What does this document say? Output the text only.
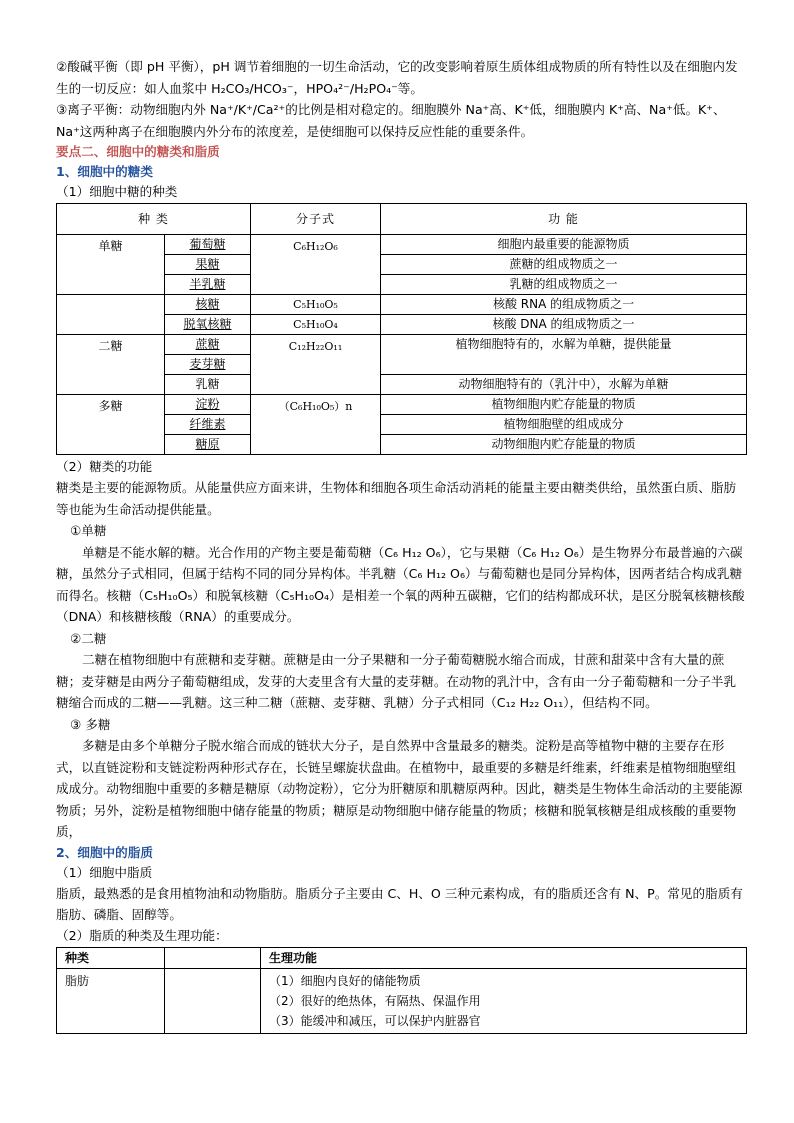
②酸碱平衡（即 pH 平衡），pH 调节着细胞的一切生命活动，它的改变影响着原生质体组成物质的所有特性以及在细胞内发生的一切反应：如人血浆中 H₂CO₃/HCO₃⁻，HPO₄²⁻/H₂PO₄⁻等。

③离子平衡：动物细胞内外 Na⁺/K⁺/Ca²⁺的比例是相对稳定的。细胞膜外 Na⁺高、K⁺低，细胞膜内 K⁺高、Na⁺低。K⁺、Na⁺这两种离子在细胞膜内外分布的浓度差，是使细胞可以保持反应性能的重要条件。

要点二、细胞中的糖类和脂质
1、细胞中的糖类
（1）细胞中糖的种类
种 类		分子式	功 能
单糖	葡萄糖	C₆H₁₂O₆	细胞内最重要的能源物质
	果糖		蔗糖的组成物质之一
	半乳糖		乳糖的组成物质之一
	核糖	C₅H₁₀O₅	核酸 RNA 的组成物质之一
	脱氧核糖	C₅H₁₀O₄	核酸 DNA 的组成物质之一
二糖	蔗糖	C₁₂H₂₂O₁₁	植物细胞特有的，水解为单糖，提供能量
	麦芽糖		
	乳糖		动物细胞特有的（乳汁中），水解为单糖
多糖	淀粉	（C₆H₁₀O₅）n	植物细胞内贮存能量的物质
	纤维素		植物细胞壁的组成成分
	糖原		动物细胞内贮存能量的物质
（2）糖类的功能

糖类是主要的能源物质。从能量供应方面来讲，生物体和细胞各项生命活动消耗的能量主要由糖类供给，虽然蛋白质、脂肪等也能为生命活动提供能量。

①单糖

单糖是不能水解的糖。光合作用的产物主要是葡萄糖（C₆ H₁₂ O₆），它与果糖（C₆ H₁₂ O₆）是生物界分布最普遍的六碳糖，虽然分子式相同，但属于结构不同的同分异构体。半乳糖（C₆ H₁₂ O₆）与葡萄糖也是同分异构体，因两者结合构成乳糖而得名。核糖（C₅H₁₀O₅）和脱氧核糖（C₅H₁₀O₄）是相差一个氧的两种五碳糖，它们的结构都成环状，是区分脱氧核糖核酸（DNA）和核糖核酸（RNA）的重要成分。

②二糖

二糖在植物细胞中有蔗糖和麦芽糖。蔗糖是由一分子果糖和一分子葡萄糖脱水缩合而成，甘蔗和甜菜中含有大量的蔗糖；麦芽糖是由两分子葡萄糖组成，发芽的大麦里含有大量的麦芽糖。在动物的乳汁中，含有由一分子葡萄糖和一分子半乳糖缩合而成的二糖——乳糖。这三种二糖（蔗糖、麦芽糖、乳糖）分子式相同（C₁₂ H₂₂ O₁₁），但结构不同。

③ 多糖

多糖是由多个单糖分子脱水缩合而成的链状大分子，是自然界中含量最多的糖类。淀粉是高等植物中糖的主要存在形式，以直链淀粉和支链淀粉两种形式存在，长链呈螺旋状盘曲。在植物中，最重要的多糖是纤维素，纤维素是植物细胞壁组成成分。动物细胞中重要的多糖是糖原（动物淀粉），它分为肝糖原和肌糖原两种。因此，糖类是生物体生命活动的主要能源物质；另外，淀粉是植物细胞中储存能量的物质；糖原是动物细胞中储存能量的物质；核糖和脱氧核糖是组成核酸的重要物质，

2、细胞中的脂质
（1）细胞中脂质

脂质，最熟悉的是食用植物油和动物脂肪。脂质分子主要由 C、H、O 三种元素构成，有的脂质还含有 N、P。常见的脂质有脂肪、磷脂、固醇等。

（2）脂质的种类及生理功能：
种类		生理功能
脂肪		（1）细胞内良好的储能物质
（2）很好的绝热体，有隔热、保温作用
（3）能缓冲和减压，可以保护内脏器官
